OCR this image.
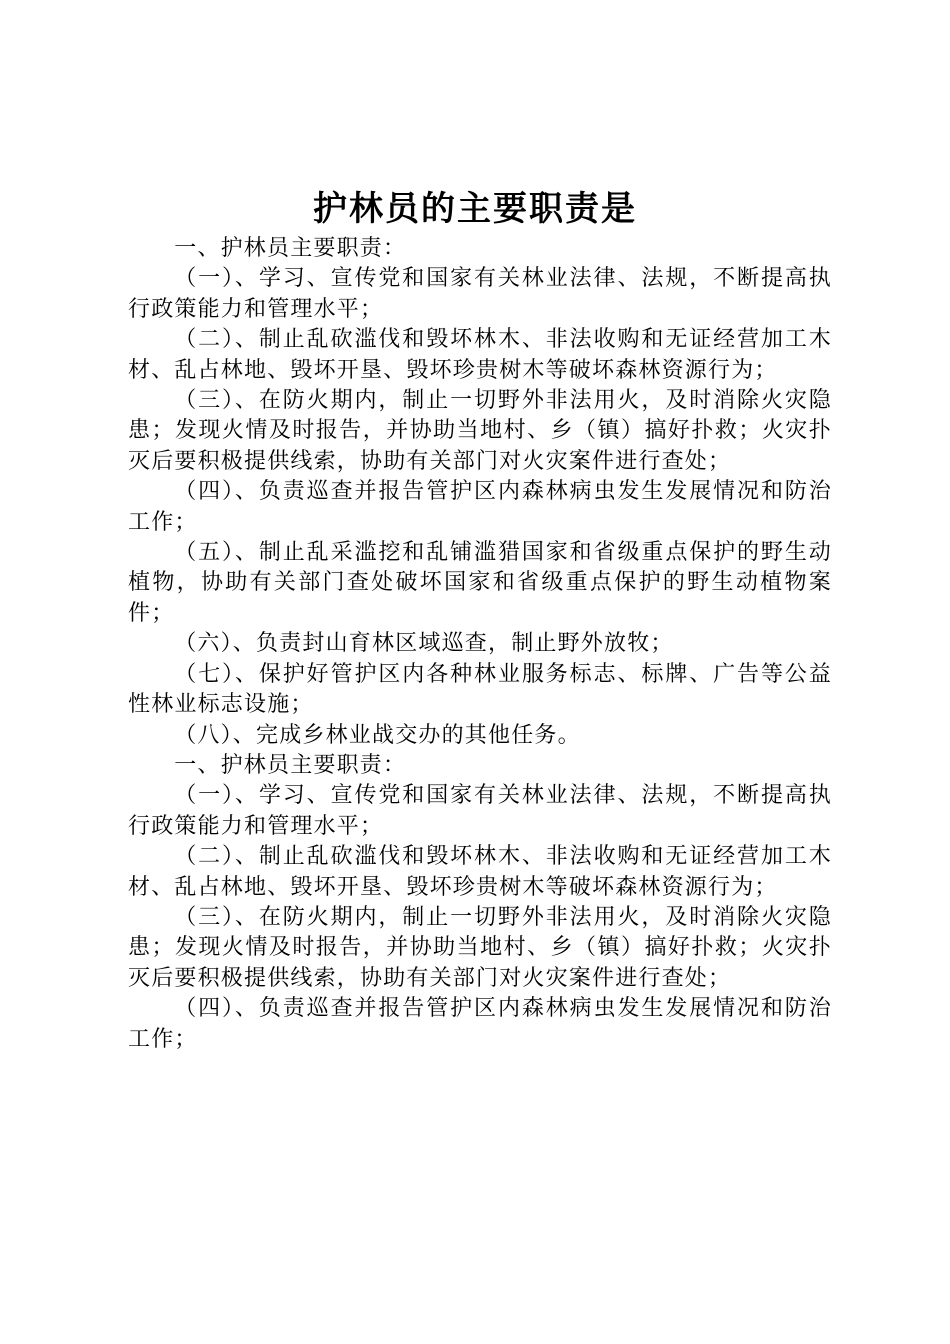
护林员的主要职责是

一、护林员主要职责：

（一）、学习、宣传党和国家有关林业法律、法规，不断提高执行政策能力和管理水平；

（二）、制止乱砍滥伐和毁坏林木、非法收购和无证经营加工木材、乱占林地、毁坏开垦、毁坏珍贵树木等破坏森林资源行为；

（三）、在防火期内，制止一切野外非法用火，及时消除火灾隐患；发现火情及时报告，并协助当地村、乡（镇）搞好扑救；火灾扑灭后要积极提供线索，协助有关部门对火灾案件进行查处；

（四）、负责巡查并报告管护区内森林病虫发生发展情况和防治工作；

（五）、制止乱采滥挖和乱铺滥猎国家和省级重点保护的野生动植物，协助有关部门查处破坏国家和省级重点保护的野生动植物案件；

（六）、负责封山育林区域巡查，制止野外放牧；

（七）、保护好管护区内各种林业服务标志、标牌、广告等公益性林业标志设施；

（八）、完成乡林业战交办的其他任务。

一、护林员主要职责：

（一）、学习、宣传党和国家有关林业法律、法规，不断提高执行政策能力和管理水平；

（二）、制止乱砍滥伐和毁坏林木、非法收购和无证经营加工木材、乱占林地、毁坏开垦、毁坏珍贵树木等破坏森林资源行为；

（三）、在防火期内，制止一切野外非法用火，及时消除火灾隐患；发现火情及时报告，并协助当地村、乡（镇）搞好扑救；火灾扑灭后要积极提供线索，协助有关部门对火灾案件进行查处；

（四）、负责巡查并报告管护区内森林病虫发生发展情况和防治工作；
